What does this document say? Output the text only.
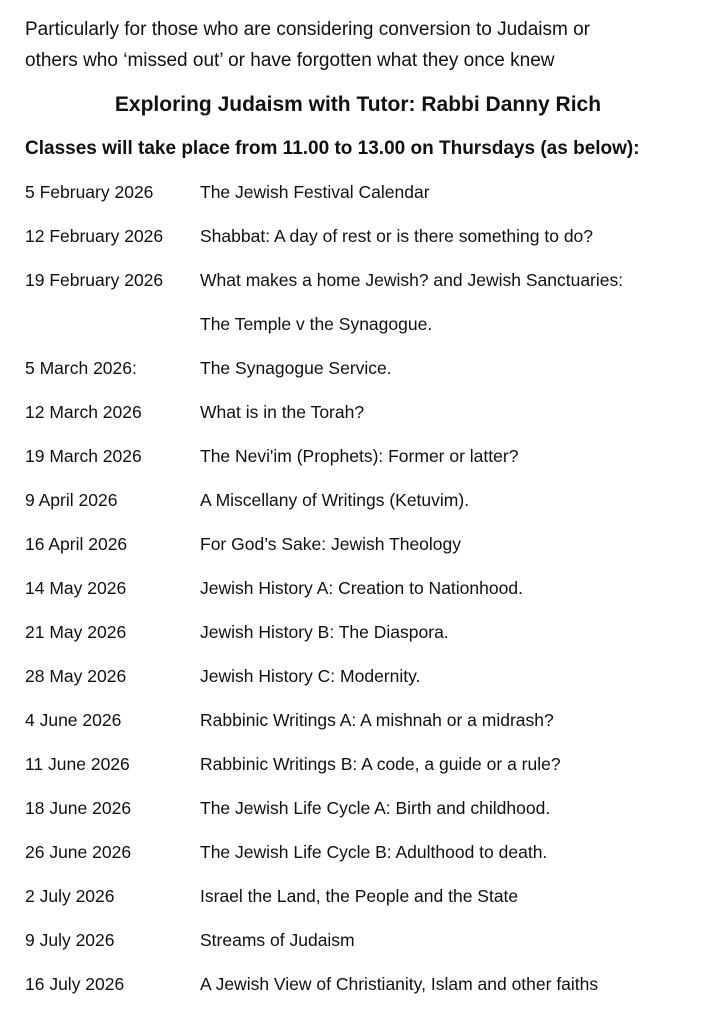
Particularly for those who are considering conversion to Judaism or
others who ‘missed out’ or have forgotten what they once knew

Exploring Judaism with Tutor: Rabbi Danny Rich
Classes will take place from 11.00 to 13.00 on Thursdays (as below):
5 February 2026	The Jewish Festival Calendar
12 February 2026	Shabbat: A day of rest or is there something to do?
19 February 2026	What makes a home Jewish? and Jewish Sanctuaries:
The Temple v the Synagogue.
5 March 2026:	The Synagogue Service.
12 March 2026	What is in the Torah?
19 March 2026	The Nevi'im (Prophets): Former or latter?
9 April 2026	A Miscellany of Writings (Ketuvim).
16 April 2026	For God’s Sake: Jewish Theology
14 May 2026	Jewish History A: Creation to Nationhood.
21 May 2026	Jewish History B: The Diaspora.
28 May 2026	Jewish History C: Modernity.
4 June 2026	Rabbinic Writings A: A mishnah or a midrash?
11 June 2026	Rabbinic Writings B: A code, a guide or a rule?
18 June 2026	The Jewish Life Cycle A: Birth and childhood.
26 June 2026	The Jewish Life Cycle B: Adulthood to death.
2 July 2026	Israel the Land, the People and the State
9 July 2026	Streams of Judaism
16 July 2026	A Jewish View of Christianity, Islam and other faiths
